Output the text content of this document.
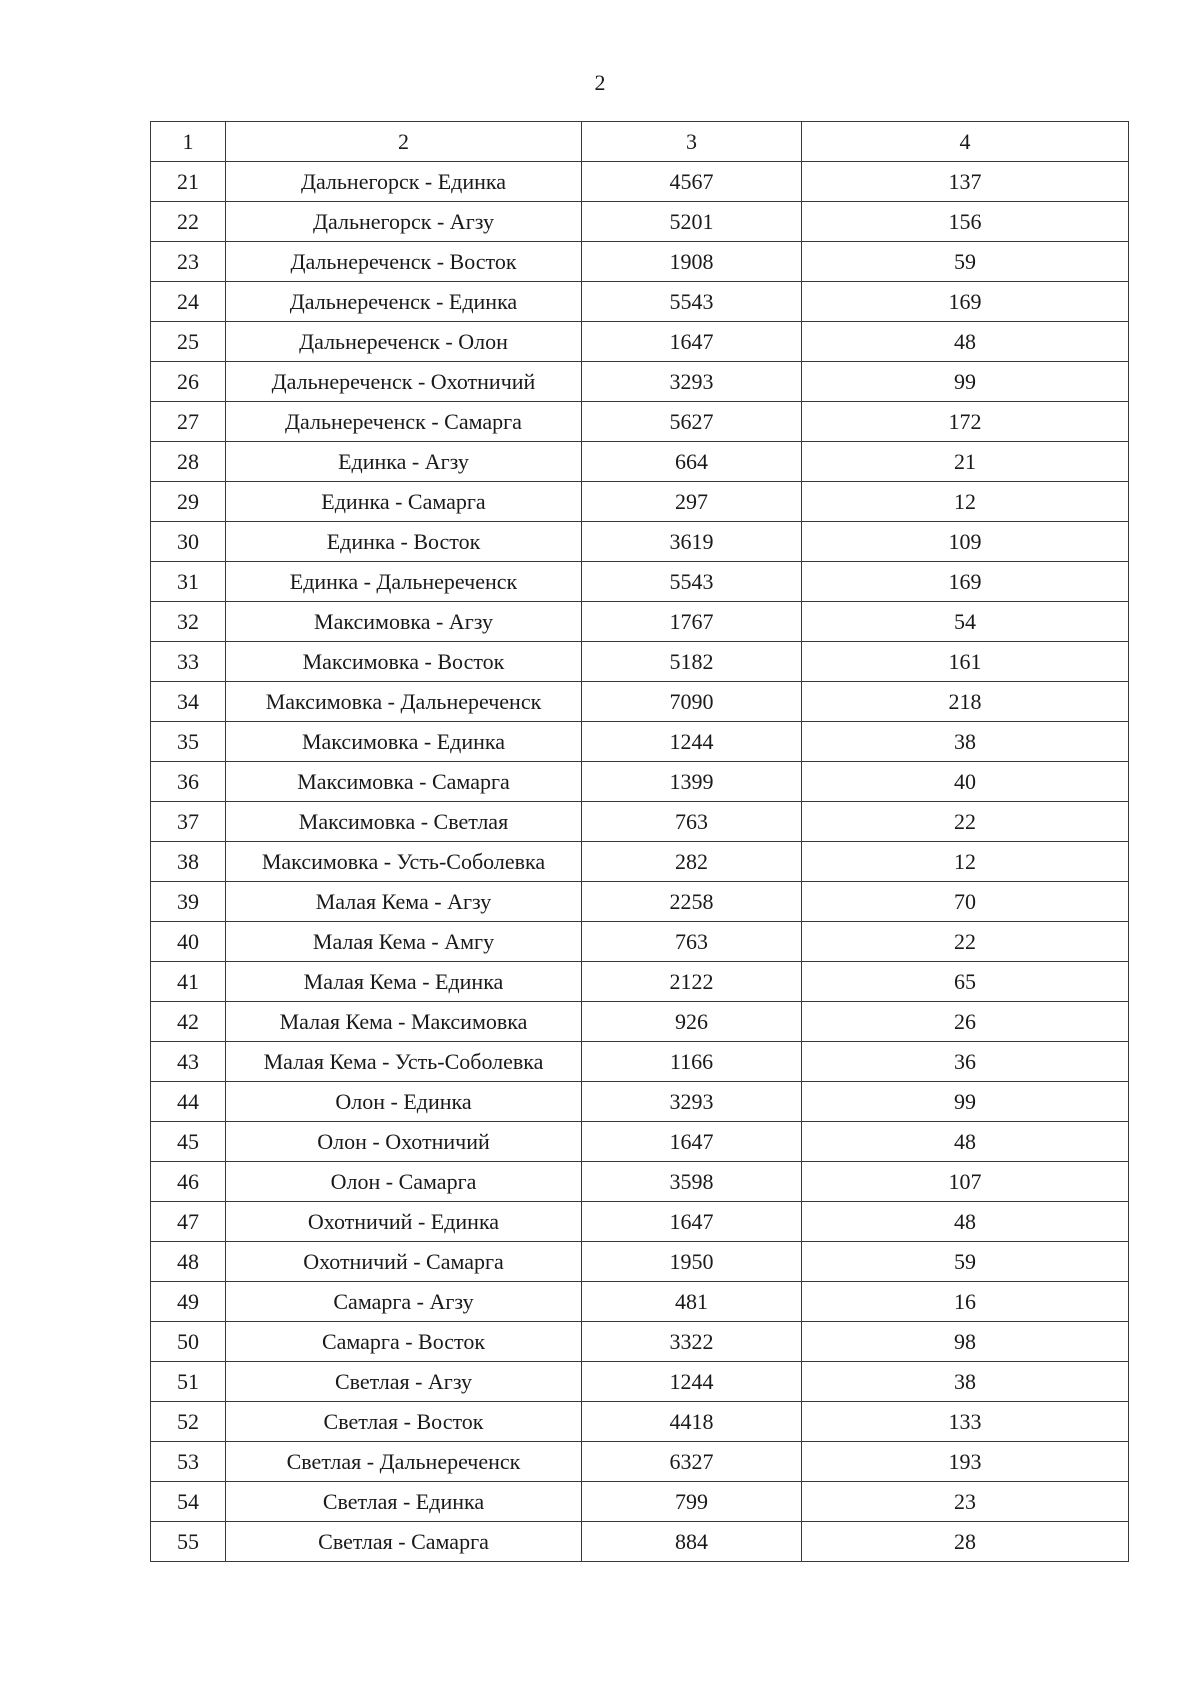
2
1	2	3	4
21	Дальнегорск - Единка	4567	137
22	Дальнегорск - Агзу	5201	156
23	Дальнереченск - Восток	1908	59
24	Дальнереченск - Единка	5543	169
25	Дальнереченск - Олон	1647	48
26	Дальнереченск - Охотничий	3293	99
27	Дальнереченск - Самарга	5627	172
28	Единка - Агзу	664	21
29	Единка - Самарга	297	12
30	Единка - Восток	3619	109
31	Единка - Дальнереченск	5543	169
32	Максимовка - Агзу	1767	54
33	Максимовка - Восток	5182	161
34	Максимовка - Дальнереченск	7090	218
35	Максимовка - Единка	1244	38
36	Максимовка - Самарга	1399	40
37	Максимовка - Светлая	763	22
38	Максимовка - Усть-Соболевка	282	12
39	Малая Кема - Агзу	2258	70
40	Малая Кема - Амгу	763	22
41	Малая Кема - Единка	2122	65
42	Малая Кема - Максимовка	926	26
43	Малая Кема - Усть-Соболевка	1166	36
44	Олон - Единка	3293	99
45	Олон - Охотничий	1647	48
46	Олон - Самарга	3598	107
47	Охотничий - Единка	1647	48
48	Охотничий - Самарга	1950	59
49	Самарга - Агзу	481	16
50	Самарга - Восток	3322	98
51	Светлая - Агзу	1244	38
52	Светлая - Восток	4418	133
53	Светлая - Дальнереченск	6327	193
54	Светлая - Единка	799	23
55	Светлая - Самарга	884	28
